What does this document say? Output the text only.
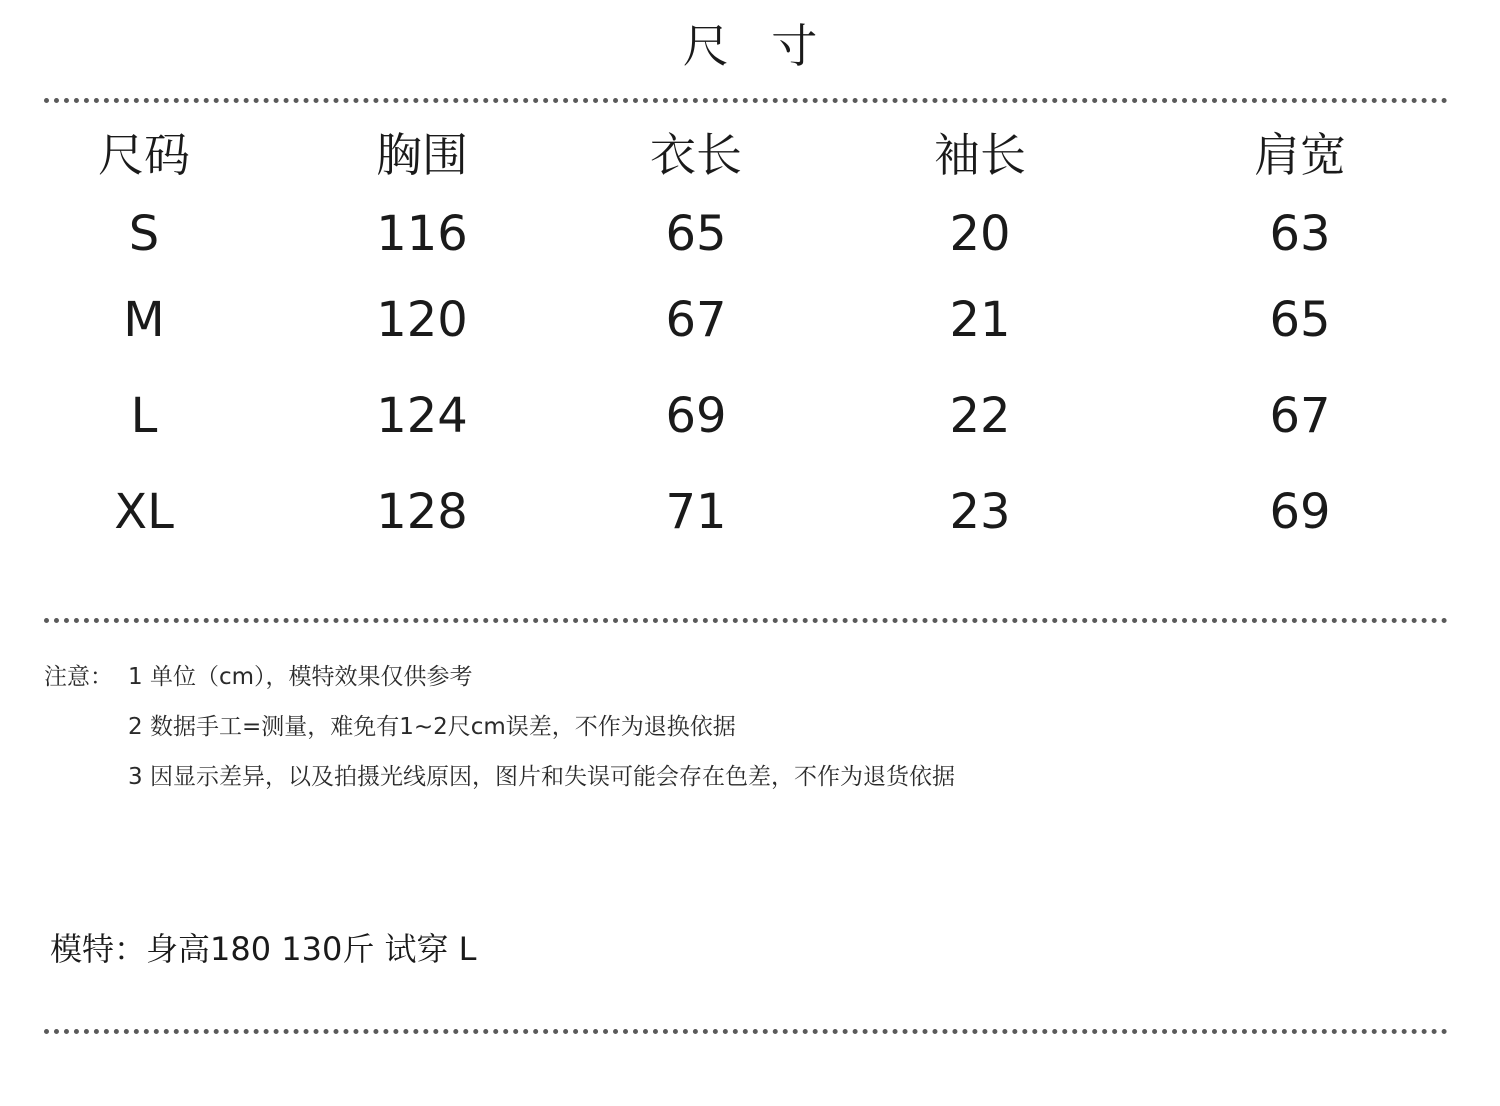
尺 寸
尺码	胸围	衣长	袖长	肩宽
S	116	65	20	63
M	120	67	21	65
L	124	69	22	67
XL	128	71	23	69
注意： 1 单位（cm），模特效果仅供参考
2 数据手工=测量，难免有1~2尺cm误差，不作为退换依据
3 因显示差异，以及拍摄光线原因，图片和失误可能会存在色差，不作为退货依据
模特：身高180 130斤 试穿 L
